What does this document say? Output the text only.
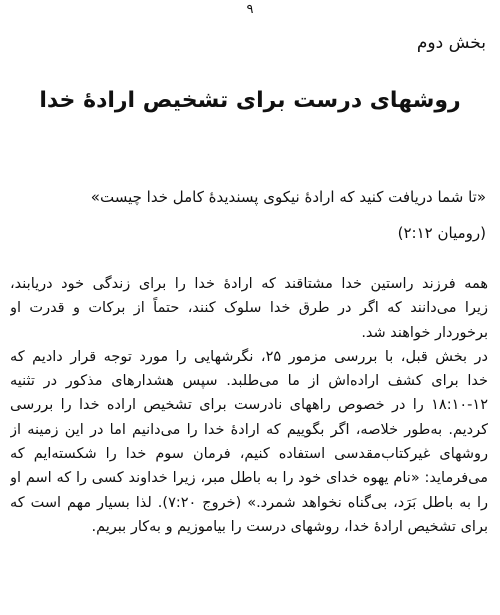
۹
بخش دوم
روشهای درست برای تشخیص ارادهٔ خدا
«تا شما دریافت کنید که ارادهٔ نیکوی پسندیدهٔ کامل خدا چیست»
(رومیان ۲:۱۲)
همه فرزند راستین خدا مشتاقند که ارادهٔ خدا را برای زندگی خود دریابند،
زیرا می‌دانند که اگر در طرق خدا سلوک کنند، حتماً از برکات و قدرت او
برخوردار خواهند شد.
در بخش قبل، با بررسی مزمور ۲۵، نگرشهایی را مورد توجه قرار دادیم که
خدا برای کشف اراده‌اش از ما می‌طلبد. سپس هشدارهای مذکور در تثنیه
۱۸:۱۰-۱۲ را در خصوص راههای نادرست برای تشخیص اراده خدا را بررسی
کردیم. به‌طور خلاصه، اگر بگوییم که ارادهٔ خدا را می‌دانیم اما در این زمینه از
روشهای غیرکتاب‌مقدسی استفاده کنیم، فرمان سوم خدا را شکسته‌ایم که
می‌فرماید: «نام یهوه خدای خود را به باطل مبر، زیرا خداوند کسی را که اسم او
را به باطل بَرَد، بی‌گناه نخواهد شمرد.» (خروج ۷:۲۰). لذا بسیار مهم است که
برای تشخیص ارادهٔ خدا، روشهای درست را بیاموزیم و به‌کار ببریم.
